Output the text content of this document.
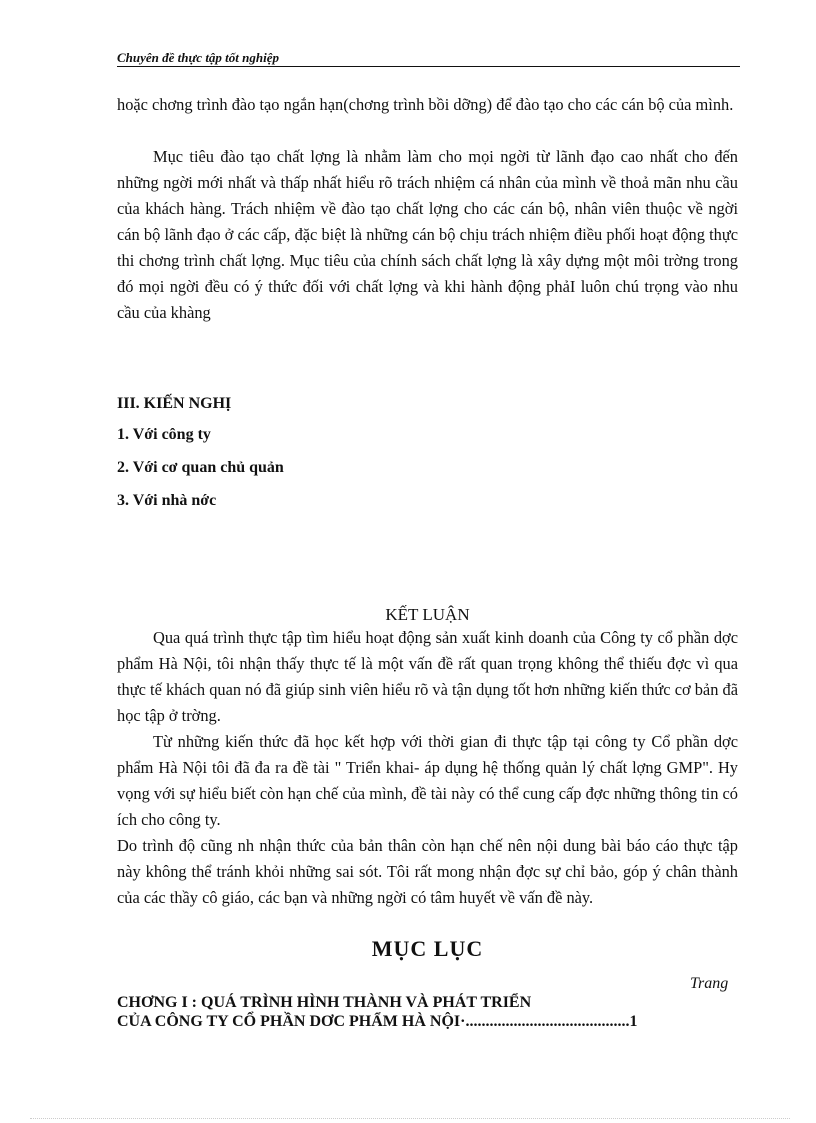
Chuyên đề thực tập tốt nghiệp

hoặc chơng trình đào tạo ngắn hạn(chơng trình bồi dỡng) để đào tạo cho các cán bộ của mình.

Mục tiêu đào tạo chất lợng là nhằm làm cho mọi ngời từ lãnh đạo cao nhất cho đến những ngời mới nhất và thấp nhất hiểu rõ trách nhiệm cá nhân của mình về thoả mãn nhu cầu của khách hàng. Trách nhiệm về đào tạo chất lợng cho các cán bộ, nhân viên thuộc về ngời cán bộ lãnh đạo ở các cấp, đặc biệt là những cán bộ chịu trách nhiệm điều phối hoạt động thực thi chơng trình chất lợng. Mục tiêu của chính sách chất lợng là xây dựng một môi trờng trong đó mọi ngời đều có ý thức đối với chất lợng và khi hành động phảI luôn chú trọng vào nhu cầu của khàng

III. KIẾN NGHỊ

1. Với công ty

2. Với cơ quan chủ quản

3. Với nhà nớc

KẾT LUẬN

Qua quá trình thực tập tìm hiểu hoạt động sản xuất kinh doanh của Công ty cổ phần dợc phẩm Hà Nội, tôi nhận thấy thực tế là một vấn đề rất quan trọng không thể thiếu đợc vì qua thực tế khách quan nó đã giúp sinh viên hiểu rõ và tận dụng tốt hơn những kiến thức cơ bản đã học tập ở trờng.

Từ những kiến thức đã học kết hợp với thời gian đi thực tập tại công ty Cổ phần dợc phẩm Hà Nội tôi đã đa ra đề tài " Triển khai- áp dụng hệ thống quản lý chất lợng GMP". Hy vọng với sự hiểu biết còn hạn chế của mình, đề tài này có thể cung cấp đợc những thông tin có ích cho công ty.

Do trình độ cũng nh nhận thức của bản thân còn hạn chế nên nội dung bài báo cáo thực tập này không thể tránh khỏi những sai sót. Tôi rất mong nhận đợc sự chỉ bảo, góp ý chân thành của các thầy cô giáo, các bạn và những ngời có tâm huyết về vấn đề này.

MỤC LỤC

Trang
CHƠNG I : QUÁ TRÌNH HÌNH THÀNH VÀ PHÁT TRIỂN
CỦA CÔNG TY CỔ PHẦN DƠC PHẨM HÀ NỘI·.........................................1
